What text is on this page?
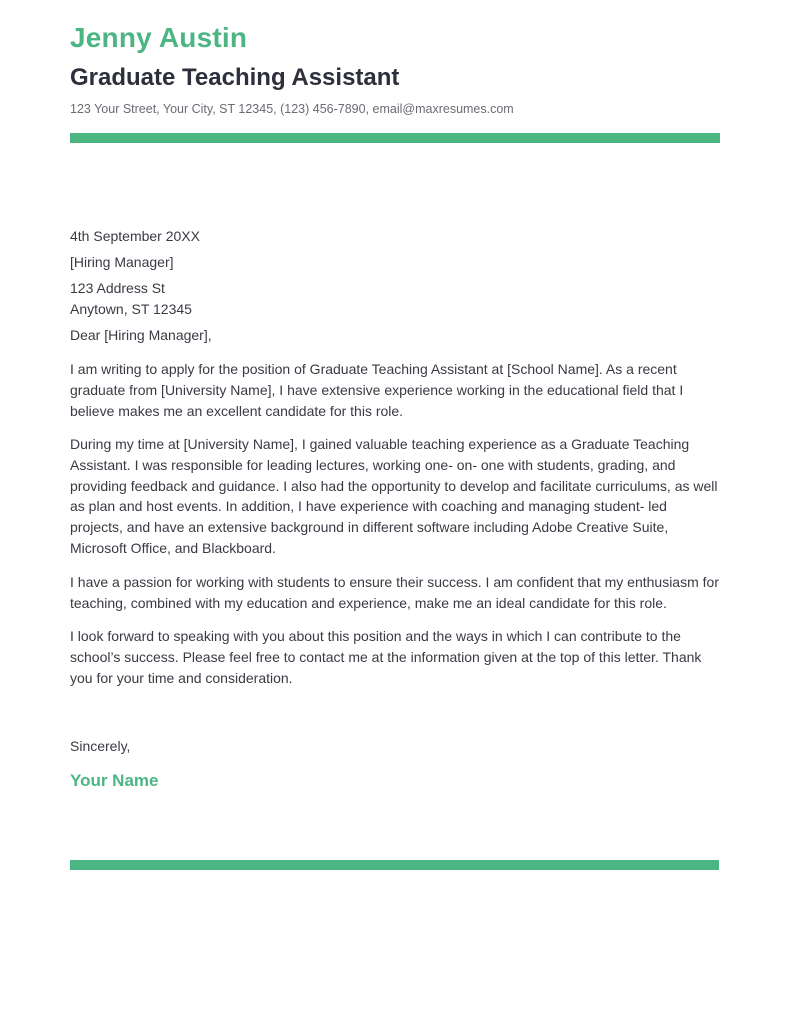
Jenny Austin
Graduate Teaching Assistant
123 Your Street, Your City, ST 12345, (123) 456-7890, email@maxresumes.com
4th September 20XX
[Hiring Manager]
123 Address St
Anytown, ST 12345
Dear [Hiring Manager],
I am writing to apply for the position of Graduate Teaching Assistant at [School Name]. As a recent graduate from [University Name], I have extensive experience working in the educational field that I believe makes me an excellent candidate for this role.
During my time at [University Name], I gained valuable teaching experience as a Graduate Teaching Assistant. I was responsible for leading lectures, working one- on- one with students, grading, and providing feedback and guidance. I also had the opportunity to develop and facilitate curriculums, as well as plan and host events. In addition, I have experience with coaching and managing student- led projects, and have an extensive background in different software including Adobe Creative Suite, Microsoft Office, and Blackboard.
I have a passion for working with students to ensure their success. I am confident that my enthusiasm for teaching, combined with my education and experience, make me an ideal candidate for this role.
I look forward to speaking with you about this position and the ways in which I can contribute to the school’s success. Please feel free to contact me at the information given at the top of this letter. Thank you for your time and consideration.
Sincerely,
Your Name
